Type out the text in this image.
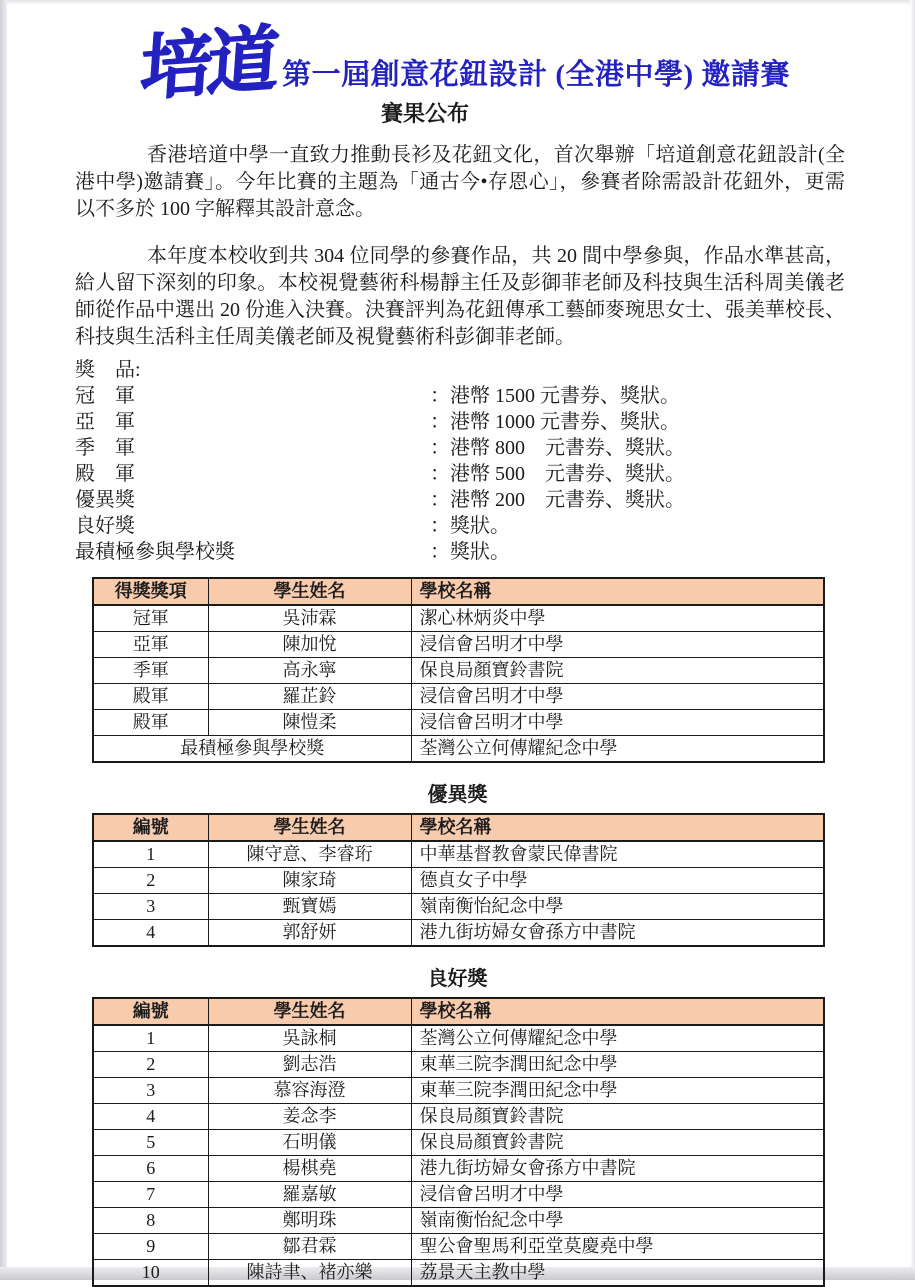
培道 第一屆創意花鈕設計 (全港中學) 邀請賽
賽果公布

香港培道中學一直致力推動長衫及花鈕文化，首次舉辦「培道創意花鈕設計(全港中學)邀請賽」。今年比賽的主題為「通古今•存恩心」，參賽者除需設計花鈕外，更需以不多於 100 字解釋其設計意念。

本年度本校收到共 304 位同學的參賽作品，共 20 間中學參與，作品水準甚高，給人留下深刻的印象。本校視覺藝術科楊靜主任及彭御菲老師及科技與生活科周美儀老師從作品中選出 20 份進入決賽。決賽評判為花鈕傳承工藝師麥琬思女士、張美華校長、科技與生活科主任周美儀老師及視覺藝術科彭御菲老師。

獎　品:
冠　軍	：港幣 1500 元書券、獎狀。
亞　軍	：港幣 1000 元書券、獎狀。
季　軍	：港幣 800　元書券、獎狀。
殿　軍	：港幣 500　元書券、獎狀。
優異獎	：港幣 200　元書券、獎狀。
良好獎	：獎狀。
最積極參與學校獎	：獎狀。
得獎獎項	學生姓名	學校名稱
冠軍	吳沛霖	潔心林炳炎中學
亞軍	陳加悅	浸信會呂明才中學
季軍	高永寧	保良局顏寶鈴書院
殿軍	羅芷鈴	浸信會呂明才中學
殿軍	陳愷柔	浸信會呂明才中學
最積極參與學校獎		荃灣公立何傳耀紀念中學
優異獎
編號	學生姓名	學校名稱
1	陳守意、李睿珩	中華基督教會蒙民偉書院
2	陳家琦	德貞女子中學
3	甄寶嫣	嶺南衡怡紀念中學
4	郭舒妍	港九街坊婦女會孫方中書院
良好獎
編號	學生姓名	學校名稱
1	吳詠桐	荃灣公立何傳耀紀念中學
2	劉志浩	東華三院李潤田紀念中學
3	慕容海澄	東華三院李潤田紀念中學
4	姜念李	保良局顏寶鈴書院
5	石明儀	保良局顏寶鈴書院
6	楊棋堯	港九街坊婦女會孫方中書院
7	羅嘉敏	浸信會呂明才中學
8	鄭明珠	嶺南衡怡紀念中學
9	鄒君霖	聖公會聖馬利亞堂莫慶堯中學
10	陳詩聿、褚亦樂	荔景天主教中學
